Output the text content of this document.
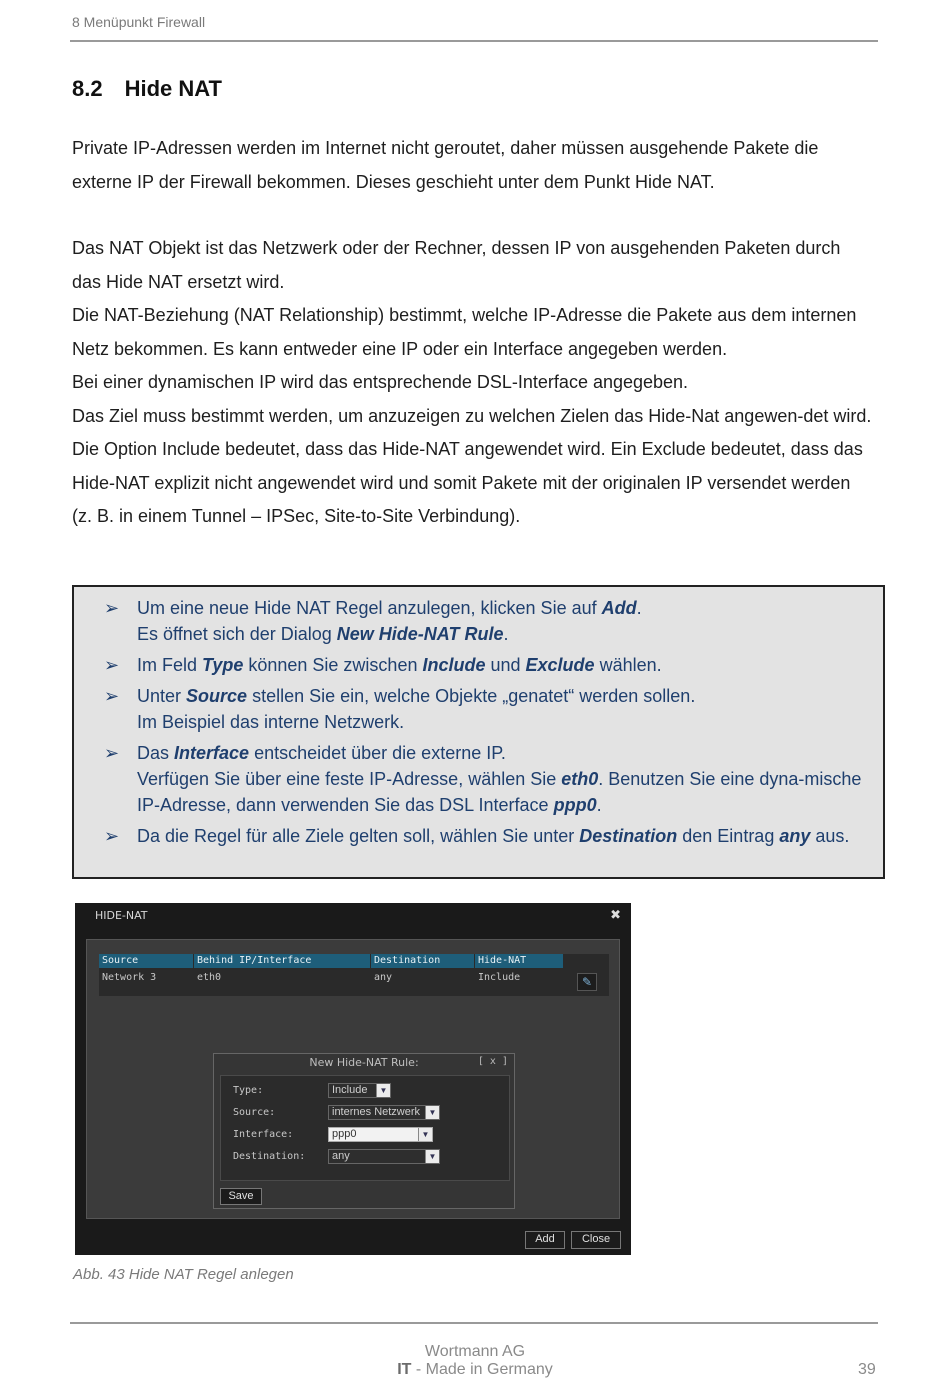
8 Menüpunkt Firewall
8.2 Hide NAT

Private IP-Adressen werden im Internet nicht geroutet, daher müssen ausgehende Pakete die externe IP der Firewall bekommen. Dieses geschieht unter dem Punkt Hide NAT.

Das NAT Objekt ist das Netzwerk oder der Rechner, dessen IP von ausgehenden Paketen durch das Hide NAT ersetzt wird.

Die NAT-Beziehung (NAT Relationship) bestimmt, welche IP-Adresse die Pakete aus dem internen Netz bekommen. Es kann entweder eine IP oder ein Interface angegeben werden.

Bei einer dynamischen IP wird das entsprechende DSL-Interface angegeben.

Das Ziel muss bestimmt werden, um anzuzeigen zu welchen Zielen das Hide-Nat angewen-det wird.

Die Option Include bedeutet, dass das Hide-NAT angewendet wird. Ein Exclude bedeutet, dass das Hide-NAT explizit nicht angewendet wird und somit Pakete mit der originalen IP versendet werden (z. B. in einem Tunnel – IPSec, Site-to-Site Verbindung).

➢ Um eine neue Hide NAT Regel anzulegen, klicken Sie auf Add.
Es öffnet sich der Dialog New Hide-NAT Rule.
➢ Im Feld Type können Sie zwischen Include und Exclude wählen.
➢ Unter Source stellen Sie ein, welche Objekte „genatet“ werden sollen.
Im Beispiel das interne Netzwerk.
➢ Das Interface entscheidet über die externe IP.
Verfügen Sie über eine feste IP-Adresse, wählen Sie eth0. Benutzen Sie eine dyna-mische IP-Adresse, dann verwenden Sie das DSL Interface ppp0.
➢ Da die Regel für alle Ziele gelten soll, wählen Sie unter Destination den Eintrag any aus.
HIDE-NAT	✖
Source	Behind IP/Interface	Destination	Hide-NAT
Network 3	eth0	any	Include	✎
New Hide-NAT Rule:	[ x ]
Type:	Include	▼
Source:	internes Netzwerk	▼
Interface:	ppp0	▼
Destination:	any	▼
Save
Add	Close
Abb. 43 Hide NAT Regel anlegen
Wortmann AG
IT - Made in Germany	39
